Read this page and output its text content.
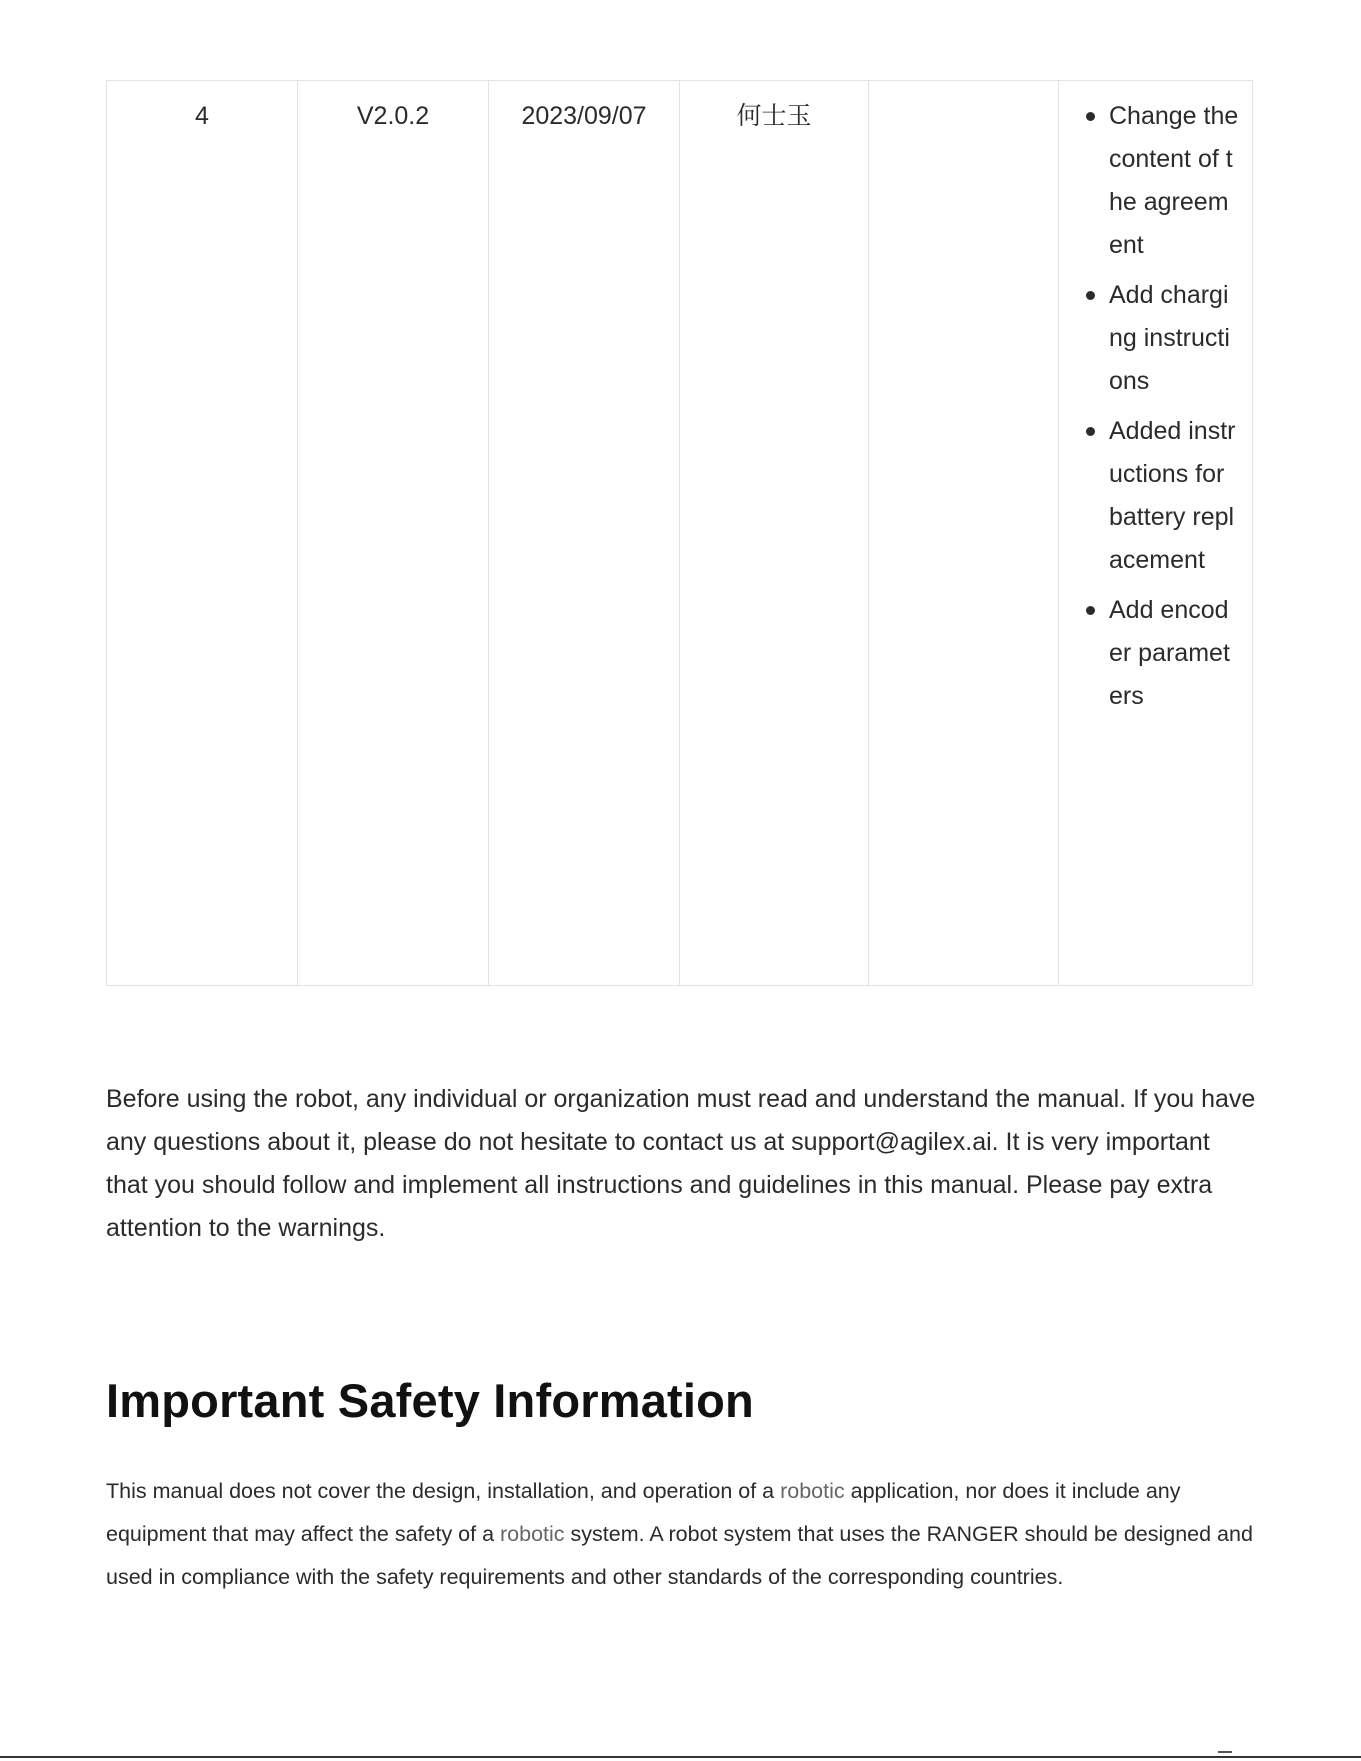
4	V2.0.2	2023/09/07	何士玉		Change the content of the agreement
Add charging instructions
Added instructions for battery replacement
Add encoder parameters

Before using the robot, any individual or organization must read and understand the manual. If you have any questions about it, please do not hesitate to contact us at support@agilex.ai. It is very important that you should follow and implement all instructions and guidelines in this manual. Please pay extra attention to the warnings.

Important Safety Information

This manual does not cover the design, installation, and operation of a robotic application, nor does it include any equipment that may affect the safety of a robotic system. A robot system that uses the RANGER should be designed and used in compliance with the safety requirements and other standards of the corresponding countries.
